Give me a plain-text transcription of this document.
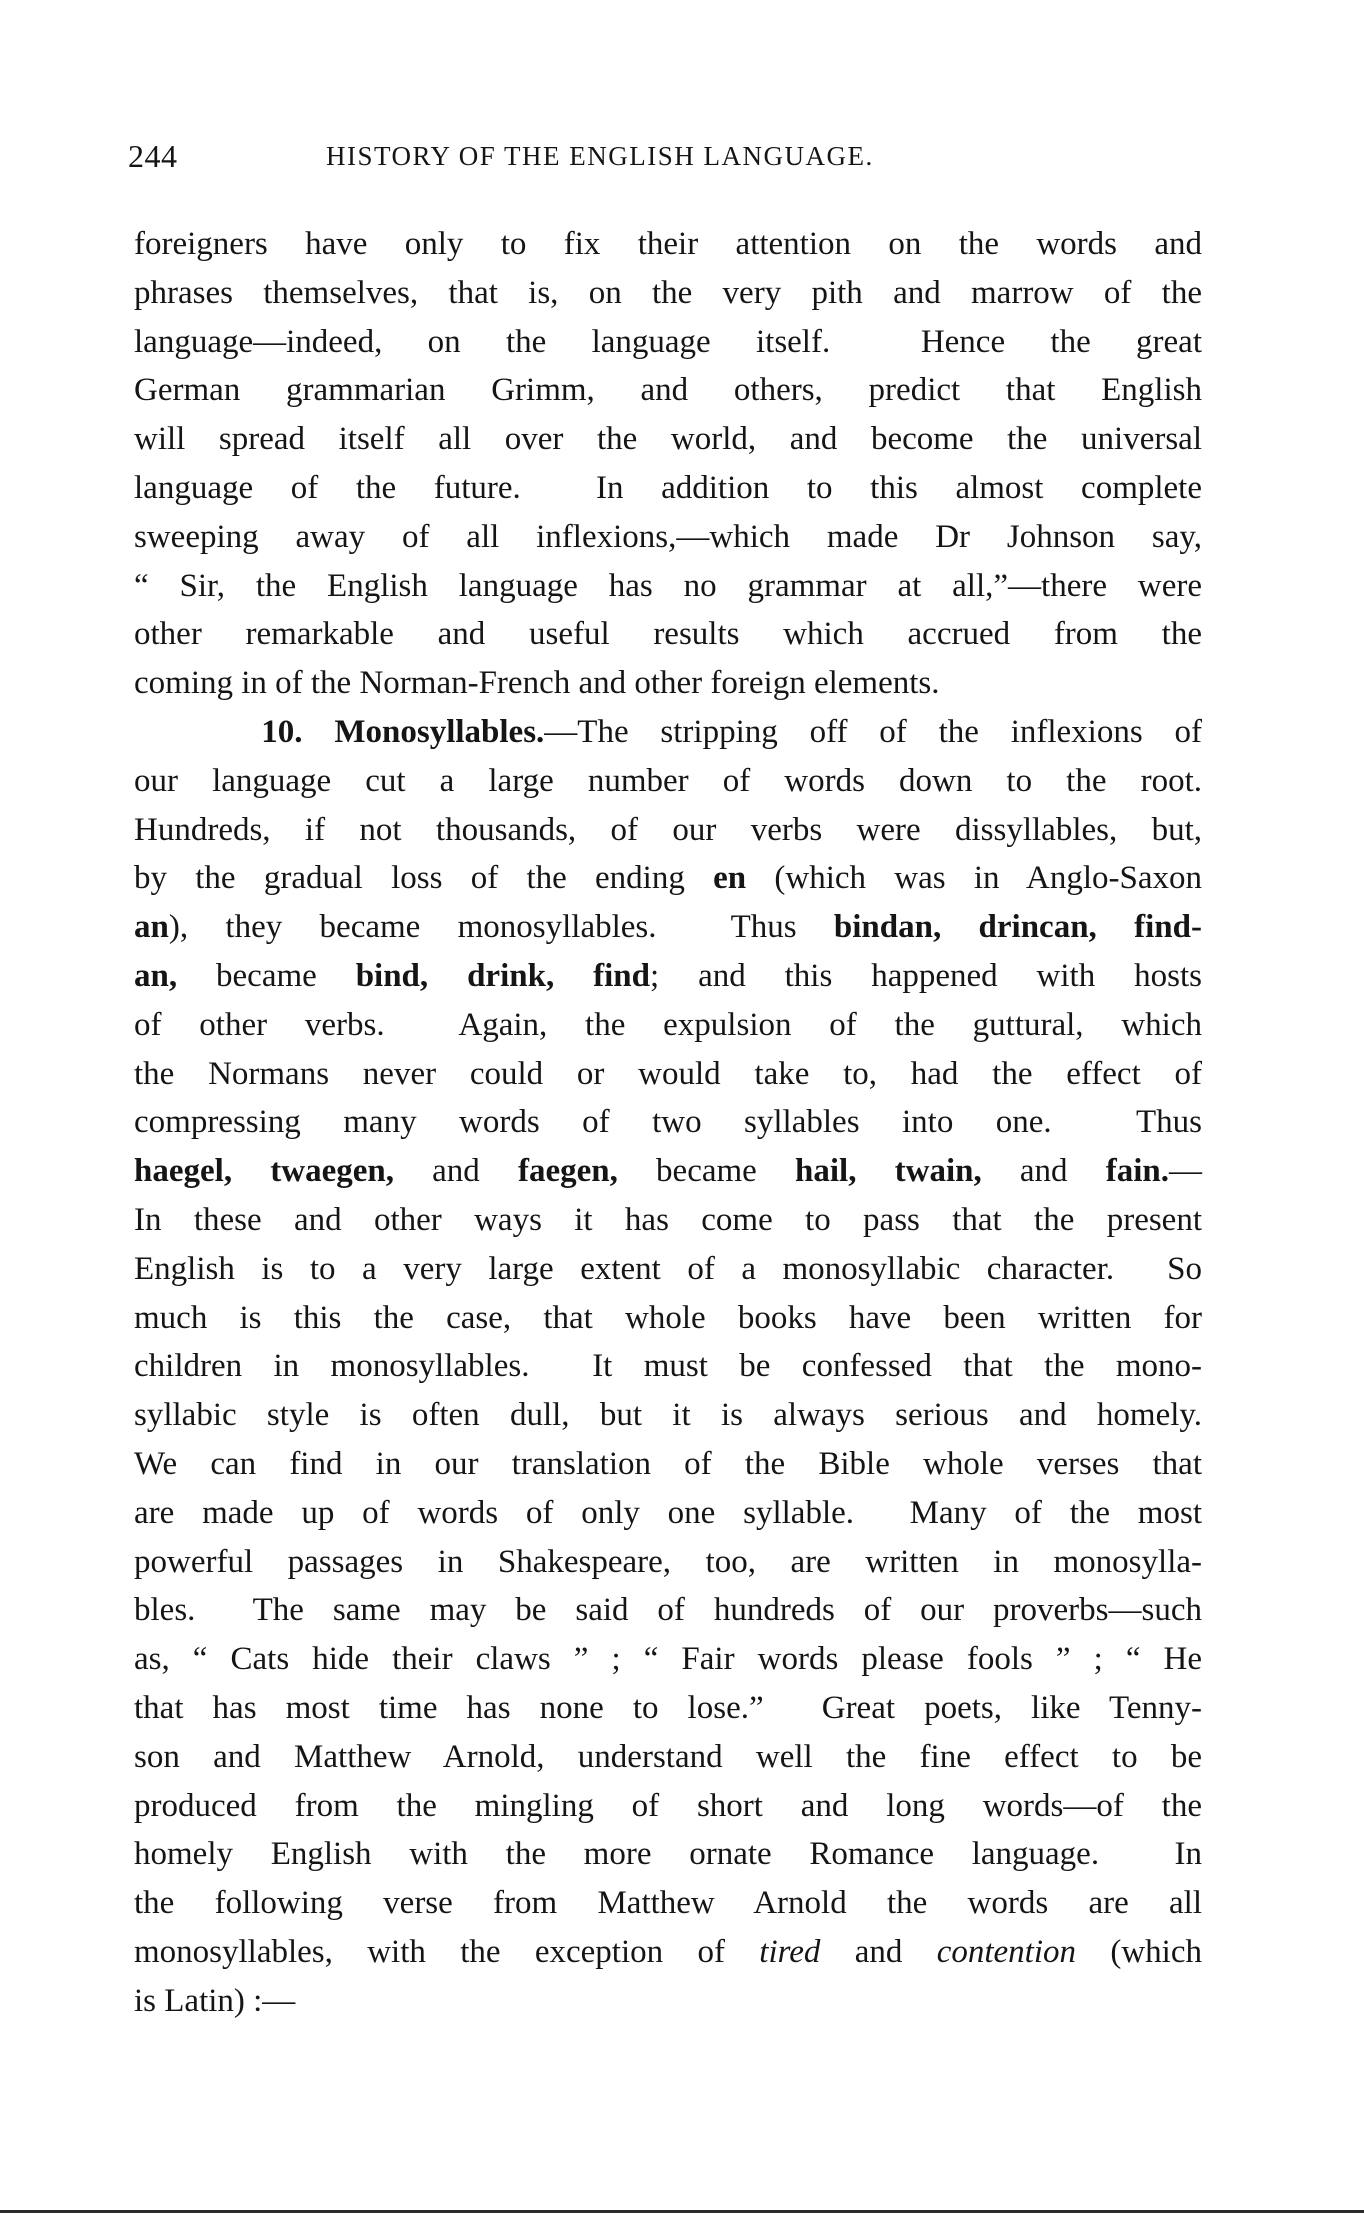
244	HISTORY OF THE ENGLISH LANGUAGE.
foreigners have only to fix their attention on the words and
phrases themselves, that is, on the very pith and marrow of the
language—indeed, on the language itself.  Hence the great
German grammarian Grimm, and others, predict that English
will spread itself all over the world, and become the universal
language of the future.  In addition to this almost complete
sweeping away of all inflexions,—which made Dr Johnson say,
“ Sir, the English language has no grammar at all,”—there were
other remarkable and useful results which accrued from the
coming in of the Norman-French and other foreign elements.
10. Monosyllables.—The stripping off of the inflexions of
our language cut a large number of words down to the root.
Hundreds, if not thousands, of our verbs were dissyllables, but,
by the gradual loss of the ending en (which was in Anglo-Saxon
an), they became monosyllables.  Thus bindan, drincan, find-
an, became bind, drink, find; and this happened with hosts
of other verbs.  Again, the expulsion of the guttural, which
the Normans never could or would take to, had the effect of
compressing many words of two syllables into one.  Thus
haegel, twaegen, and faegen, became hail, twain, and fain.—
In these and other ways it has come to pass that the present
English is to a very large extent of a monosyllabic character.  So
much is this the case, that whole books have been written for
children in monosyllables.  It must be confessed that the mono-
syllabic style is often dull, but it is always serious and homely.
We can find in our translation of the Bible whole verses that
are made up of words of only one syllable.  Many of the most
powerful passages in Shakespeare, too, are written in monosylla-
bles.  The same may be said of hundreds of our proverbs—such
as, “ Cats hide their claws ” ; “ Fair words please fools ” ; “ He
that has most time has none to lose.”  Great poets, like Tenny-
son and Matthew Arnold, understand well the fine effect to be
produced from the mingling of short and long words—of the
homely English with the more ornate Romance language.  In
the following verse from Matthew Arnold the words are all
monosyllables, with the exception of tired and contention (which
is Latin) :—
